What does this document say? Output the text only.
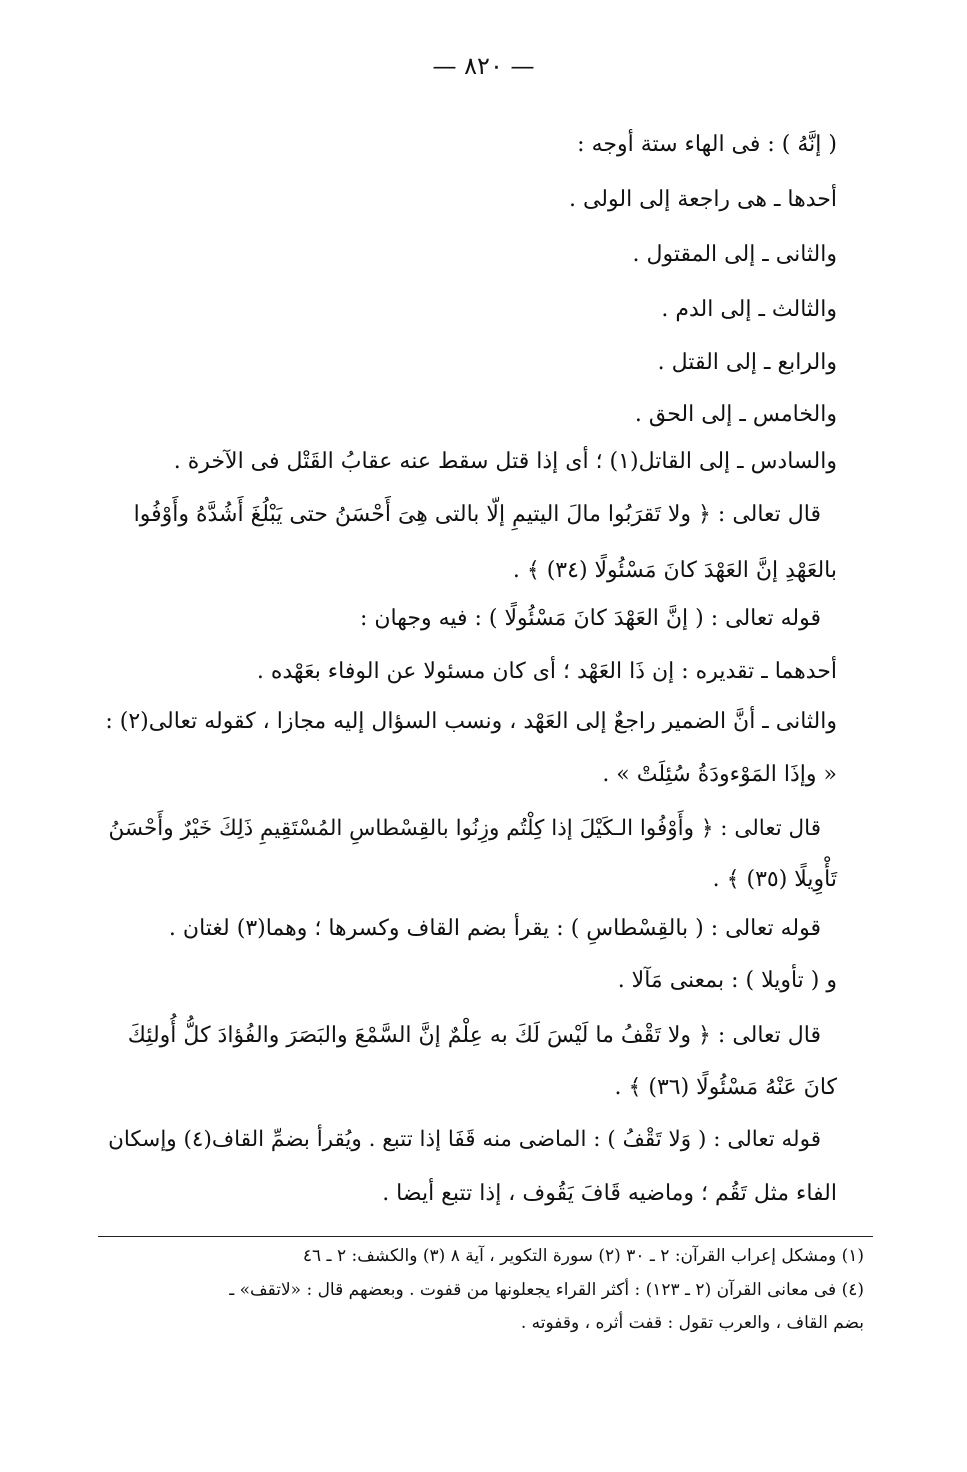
— ٨٢٠ —
( إنَّهُ ) : فى الهاء ستة أوجه :
أحدها ـ هى راجعة إلى الولى .
والثانى ـ إلى المقتول .
والثالث ـ إلى الدم .
والرابع ـ إلى القتل .
والخامس ـ إلى الحق .
والسادس ـ إلى القاتل(١) ؛ أى إذا قتل سقط عنه عقابُ القَتْل فى الآخرة .
قال تعالى : ﴿ ولا تَقرَبُوا مالَ اليتيمِ إلّا بالتى هِىَ أَحْسَنُ حتى يَبْلُغَ أَشُدَّهُ وأَوْفُوا
بالعَهْدِ إنَّ العَهْدَ كانَ مَسْئُولًا (٣٤) ﴾ .
قوله تعالى : ( إنَّ العَهْدَ كانَ مَسْئُولًا ) : فيه وجهان :
أحدهما ـ تقديره : إن ذَا العَهْد ؛ أى كان مسئولا عن الوفاء بعَهْده .
والثانى ـ أنَّ الضمير راجعٌ إلى العَهْد ، ونسب السؤال إليه مجازا ، كقوله تعالى(٢) :
« وإذَا المَوْءودَةُ سُئِلَتْ » .
قال تعالى : ﴿ وأَوْفُوا الـكَيْلَ إذا كِلْتُم وزِنُوا بالقِسْطاسِ المُسْتَقِيمِ ذَلِكَ خَيْرٌ وأَحْسَنُ
تَأْوِيلًا (٣٥) ﴾ .
قوله تعالى : ( بالقِسْطاسِ ) : يقرأ بضم القاف وكسرها ؛ وهما(٣) لغتان .
و ( تأويلا ) : بمعنى مَآلا .
قال تعالى : ﴿ ولا تَقْفُ ما لَيْسَ لَكَ به عِلْمٌ إنَّ السَّمْعَ والبَصَرَ والفُؤادَ كلُّ أُولئِكَ
كانَ عَنْهُ مَسْئُولًا (٣٦) ﴾ .
قوله تعالى : ( وَلا تَقْفُ ) : الماضى منه قَفَا إذا تتبع . ويُقرأ بضمِّ القاف(٤) وإسكان
الفاء مثل تَقُم ؛ وماضيه قَافَ يَقُوف ، إذا تتبع أيضا .
(١) ومشكل إعراب القرآن: ٢ ـ ٣٠ (٢) سورة التكوير ، آية ٨ (٣) والكشف: ٢ ـ ٤٦
(٤) فى معانى القرآن (٢ ـ ١٢٣) : أكثر القراء يجعلونها من قفوت . وبعضهم قال : «لاتقف» ـ
بضم القاف ، والعرب تقول : قفت أثره ، وقفوته .
